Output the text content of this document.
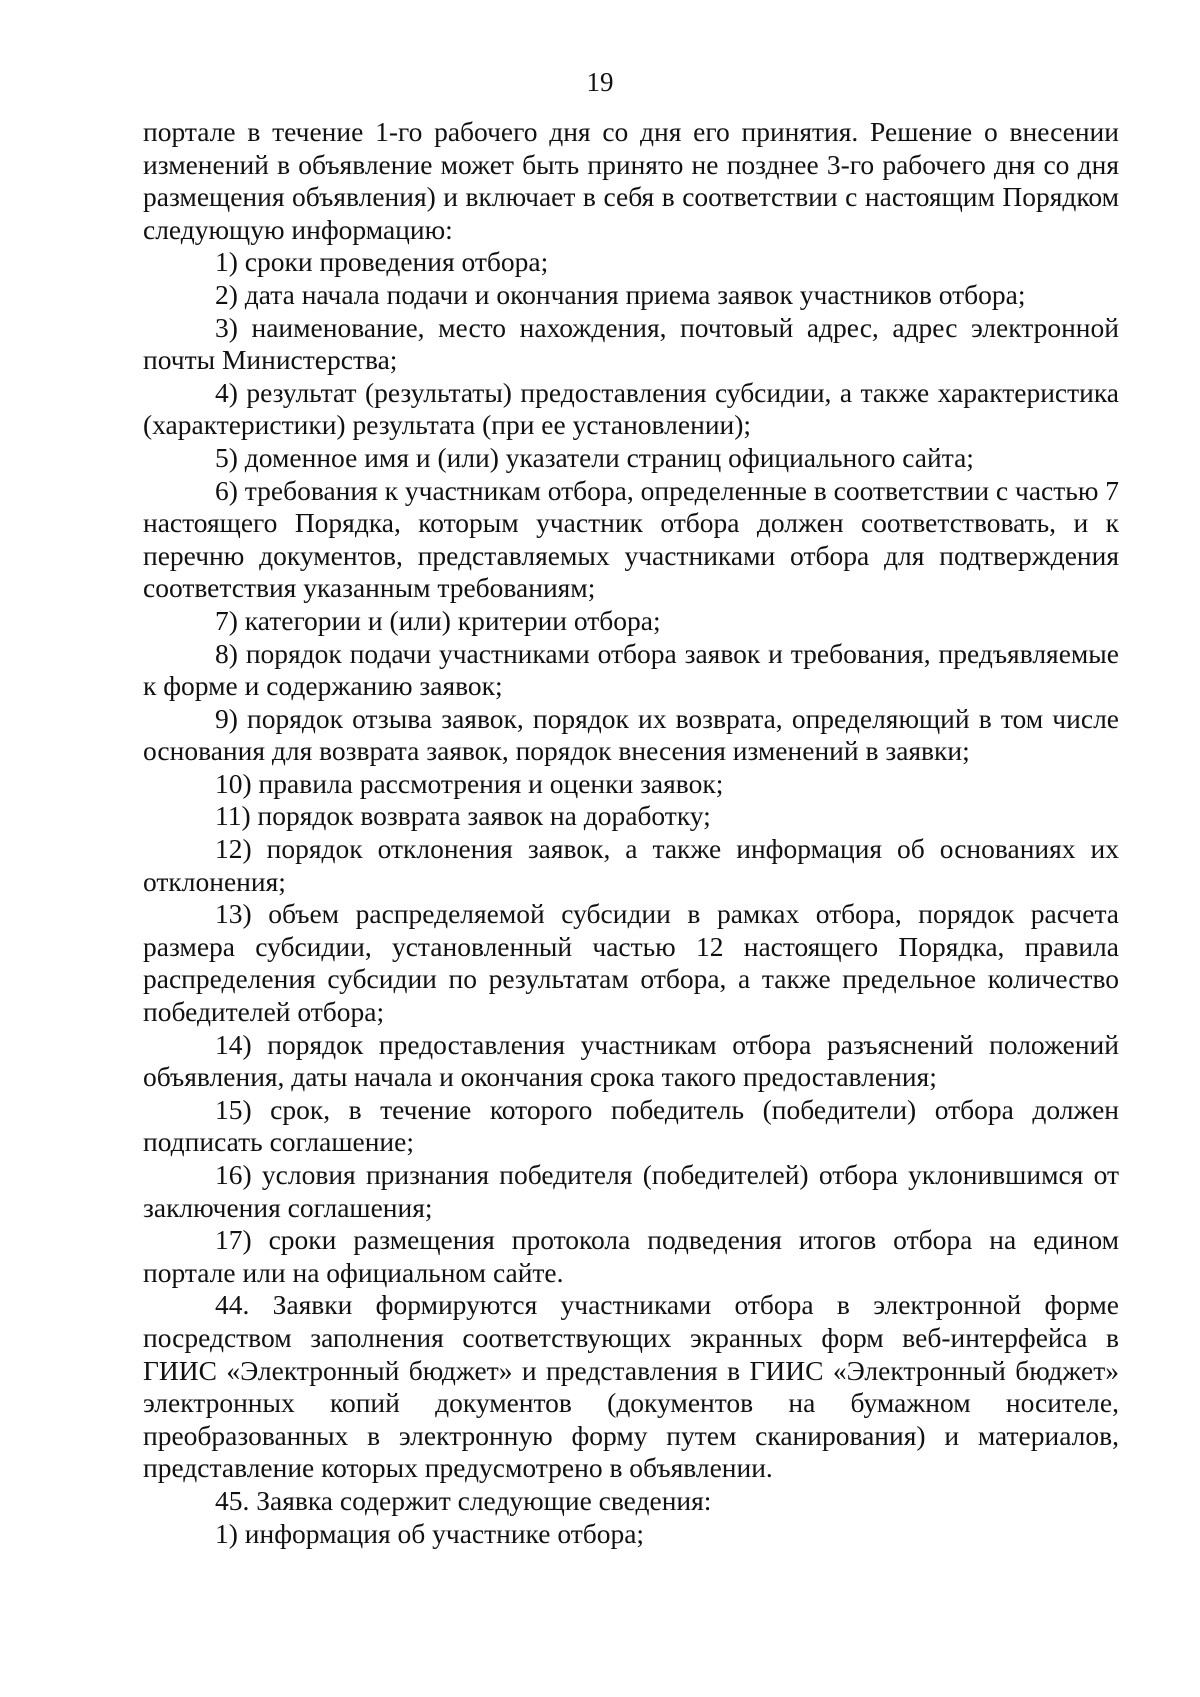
19

порталe в течение 1-го рабочего дня со дня его принятия. Решение о внесении изменений в объявление может быть принято не позднее 3-го рабочего дня со дня размещения объявления) и включает в себя в соответствии с настоящим Порядком следующую информацию:

1) сроки проведения отбора;

2) дата начала подачи и окончания приема заявок участников отбора;

3) наименование, место нахождения, почтовый адрес, адрес электронной почты Министерства;

4) результат (результаты) предоставления субсидии, а также характеристика (характеристики) результата (при ее установлении);

5) доменное имя и (или) указатели страниц официального сайта;

6) требования к участникам отбора, определенные в соответствии с частью 7 настоящего Порядка, которым участник отбора должен соответствовать, и к перечню документов, представляемых участниками отбора для подтверждения соответствия указанным требованиям;

7) категории и (или) критерии отбора;

8) порядок подачи участниками отбора заявок и требования, предъявляемые к форме и содержанию заявок;

9) порядок отзыва заявок, порядок их возврата, определяющий в том числе основания для возврата заявок, порядок внесения изменений в заявки;

10) правила рассмотрения и оценки заявок;

11) порядок возврата заявок на доработку;

12) порядок отклонения заявок, а также информация об основаниях их отклонения;

13) объем распределяемой субсидии в рамках отбора, порядок расчета размера субсидии, установленный частью 12 настоящего Порядка, правила распределения субсидии по результатам отбора, а также предельное количество победителей отбора;

14) порядок предоставления участникам отбора разъяснений положений объявления, даты начала и окончания срока такого предоставления;

15) срок, в течение которого победитель (победители) отбора должен подписать соглашение;

16) условия признания победителя (победителей) отбора уклонившимся от заключения соглашения;

17) сроки размещения протокола подведения итогов отбора на едином портале или на официальном сайте.

44. Заявки формируются участниками отбора в электронной форме посредством заполнения соответствующих экранных форм веб-интерфейса в ГИИС «Электронный бюджет» и представления в ГИИС «Электронный бюджет» электронных копий документов (документов на бумажном носителе, преобразованных в электронную форму путем сканирования) и материалов, представление которых предусмотрено в объявлении.

45. Заявка содержит следующие сведения:

1) информация об участнике отбора;
